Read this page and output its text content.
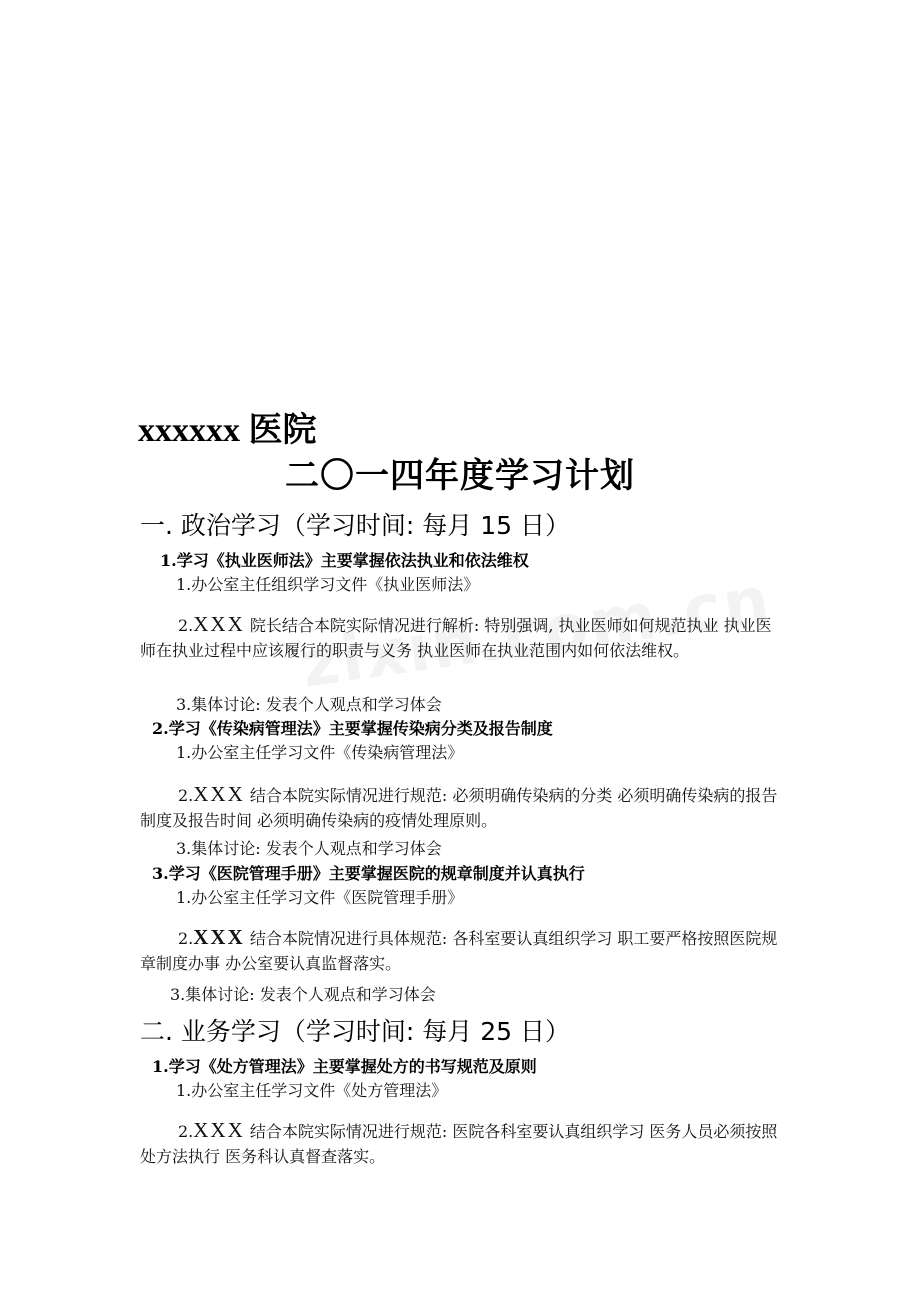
xxxxxx 医院
二〇一四年度学习计划
一. 政治学习（学习时间: 每月 15 日）
1.学习《执业医师法》主要掌握依法执业和依法维权
1.办公室主任组织学习文件《执业医师法》
2.XXX 院长结合本院实际情况进行解析: 特别强调, 执业医师如何规范执业 执业医师在执业过程中应该履行的职责与义务 执业医师在执业范围内如何依法维权。
3.集体讨论: 发表个人观点和学习体会
2.学习《传染病管理法》主要掌握传染病分类及报告制度
1.办公室主任学习文件《传染病管理法》
2.XXX 结合本院实际情况进行规范: 必须明确传染病的分类 必须明确传染病的报告制度及报告时间 必须明确传染病的疫情处理原则。
3.集体讨论: 发表个人观点和学习体会
3.学习《医院管理手册》主要掌握医院的规章制度并认真执行
1.办公室主任学习文件《医院管理手册》
2.XXX 结合本院情况进行具体规范: 各科室要认真组织学习 职工要严格按照医院规章制度办事 办公室要认真监督落实。
3.集体讨论: 发表个人观点和学习体会
二. 业务学习（学习时间: 每月 25 日）
1.学习《处方管理法》主要掌握处方的书写规范及原则
1.办公室主任学习文件《处方管理法》
2.XXX 结合本院实际情况进行规范: 医院各科室要认真组织学习 医务人员必须按照处方法执行 医务科认真督查落实。
